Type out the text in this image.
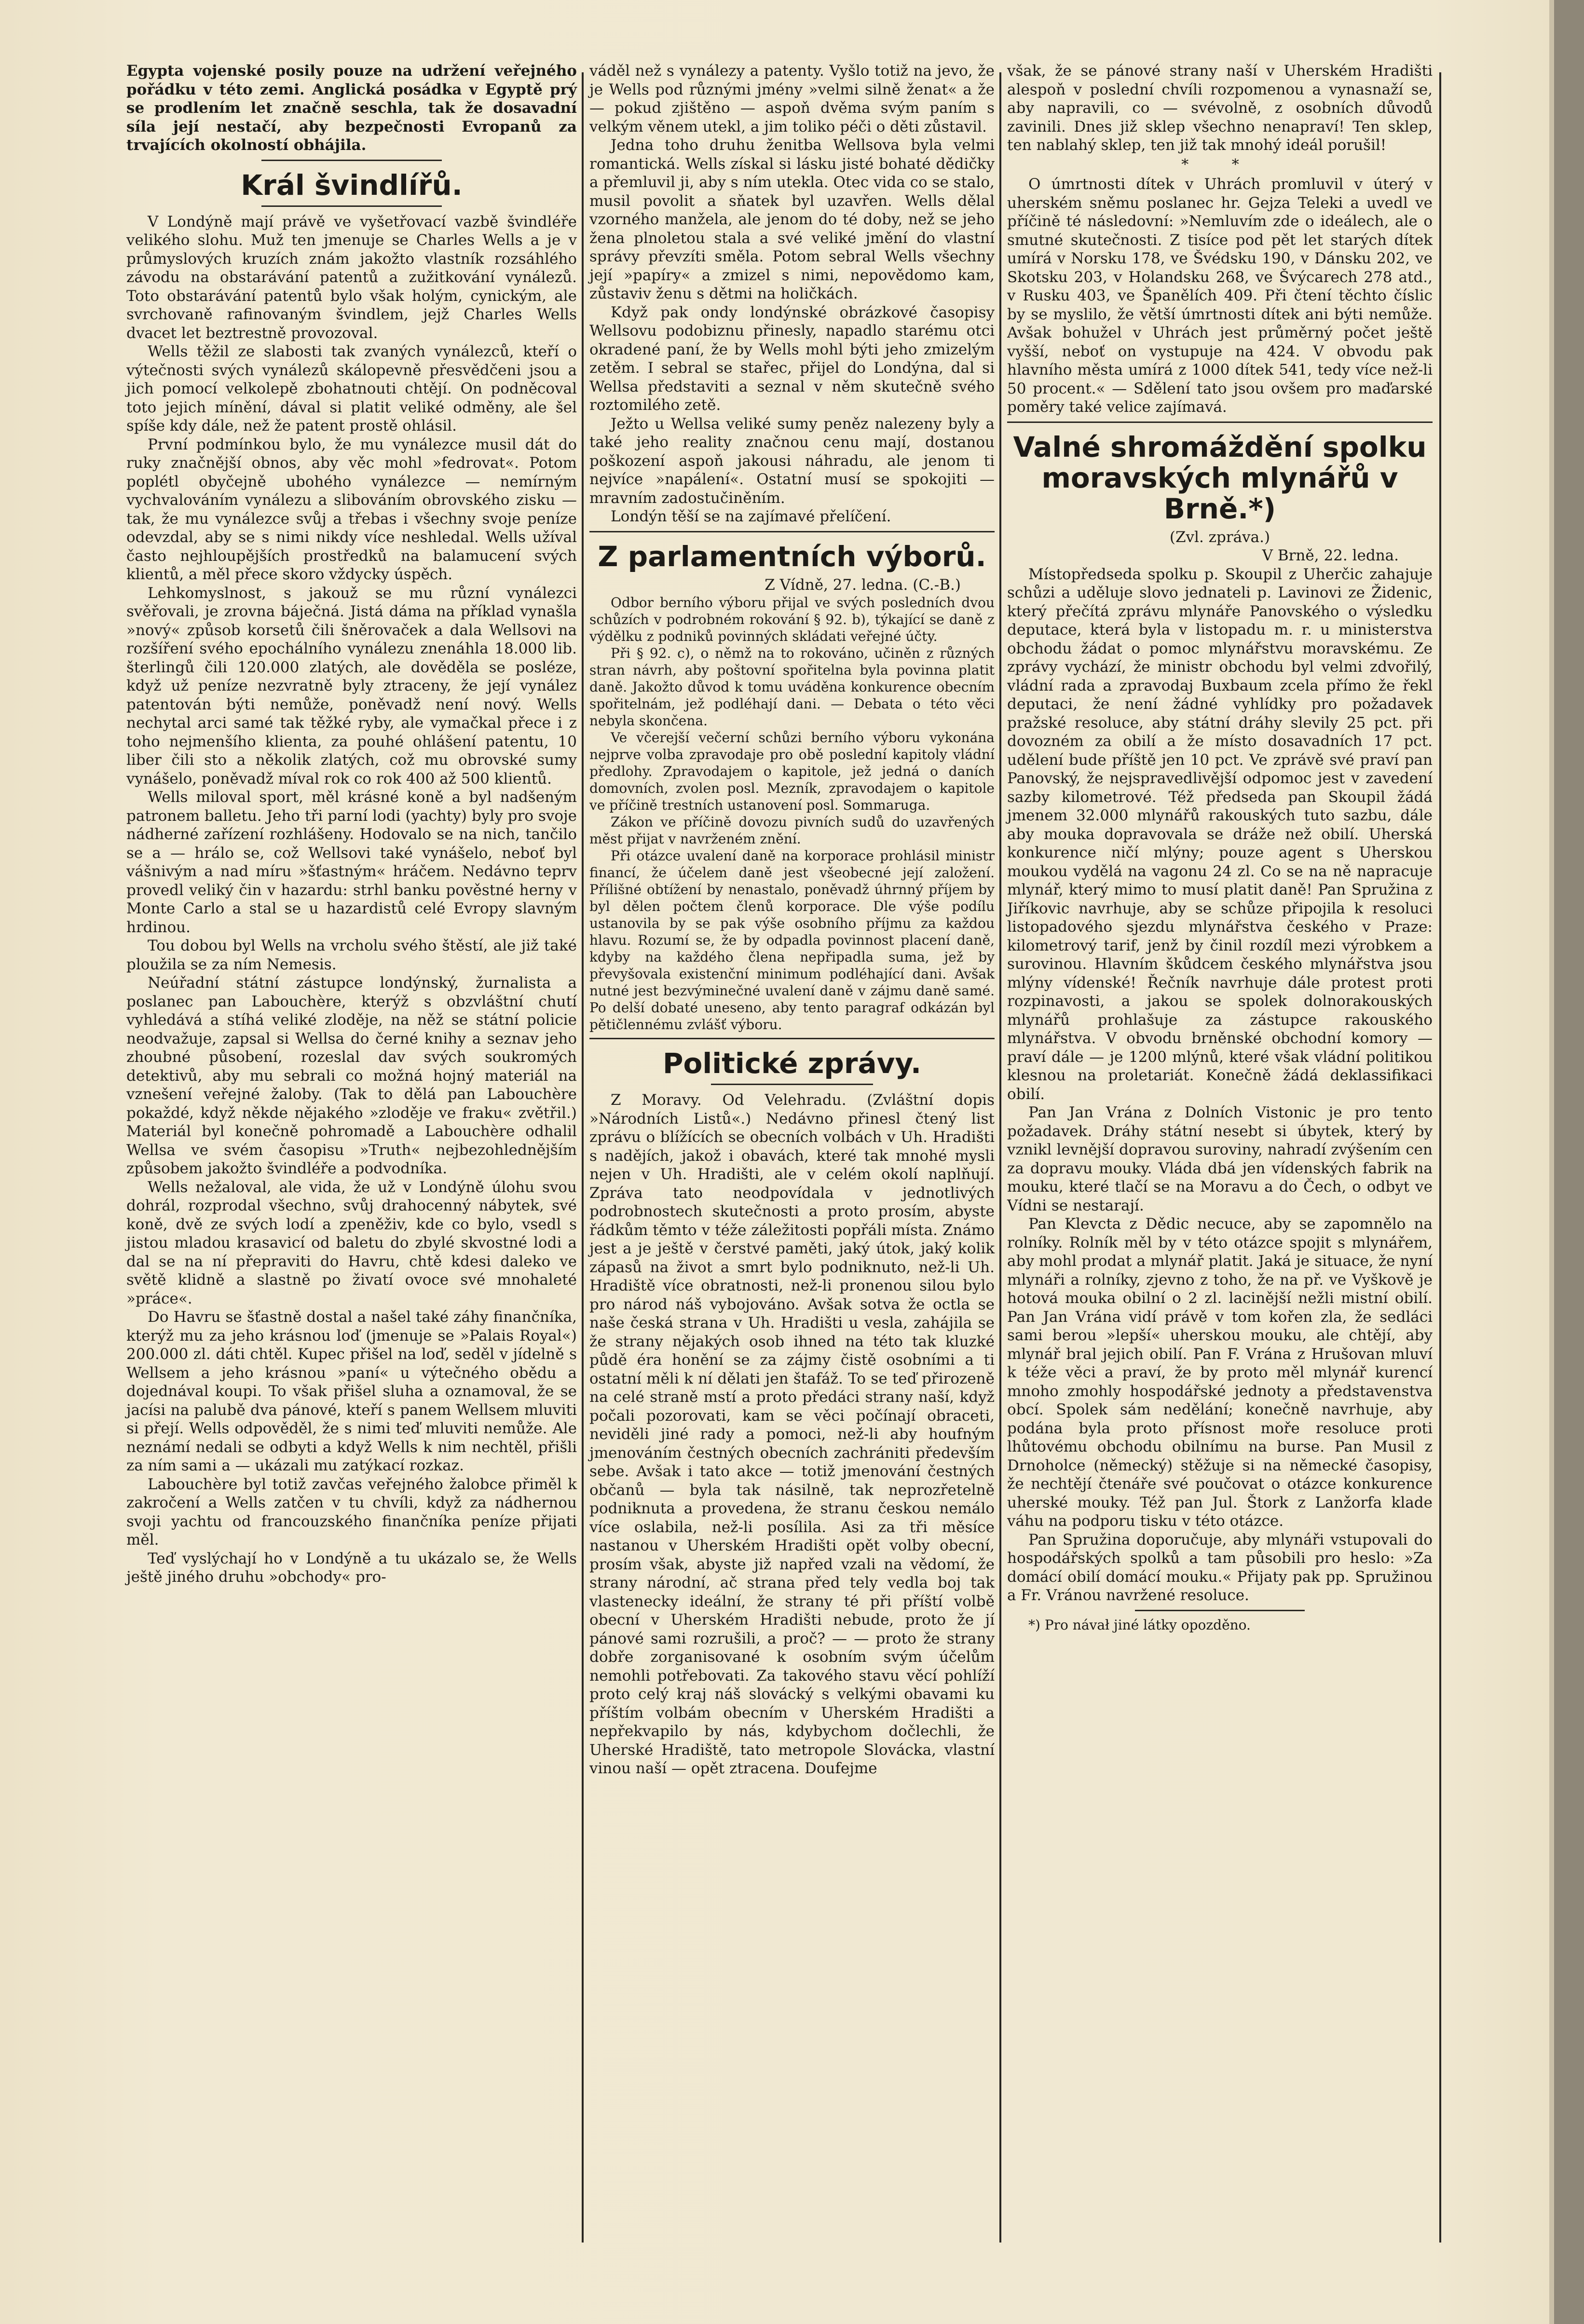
Egypta vojenské posily pouze na udržení veřejného pořádku v této zemi. Anglická posádka v Egyptě prý se prodlením let značně seschla, tak že dosavadní síla její nestačí, aby bezpečnosti Evropanů za trvajících okolností obhájila.

Král švindlířů.

V Londýně mají právě ve vyšetřovací vazbě švindléře velikého slohu. Muž ten jmenuje se Charles Wells a je v průmyslových kruzích znám jakožto vlastník rozsáhlého závodu na obstarávání patentů a zužitkování vynálezů. Toto obstarávání patentů bylo však holým, cynickým, ale svrchovaně rafinovaným švindlem, jejž Charles Wells dvacet let beztrestně provozoval.

Wells těžil ze slabosti tak zvaných vynálezců, kteří o výtečnosti svých vynálezů skálopevně přesvědčeni jsou a jich pomocí velkolepě zbohatnouti chtějí. On podněcoval toto jejich mínění, dával si platit veliké odměny, ale šel spíše kdy dále, než že patent prostě ohlásil.

První podmínkou bylo, že mu vynálezce musil dát do ruky značnější obnos, aby věc mohl »fedrovat«. Potom poplétl obyčejně ubohého vynálezce — nemírným vychvalováním vynálezu a slibováním obrovského zisku — tak, že mu vynálezce svůj a třebas i všechny svoje peníze odevzdal, aby se s nimi nikdy více neshledal. Wells užíval často nejhloupějších prostředků na balamucení svých klientů, a měl přece skoro vždycky úspěch.

Lehkomyslnost, s jakouž se mu různí vynálezci svěřovali, je zrovna báječná. Jistá dáma na příklad vynašla »nový« způsob korsetů čili šněrovaček a dala Wellsovi na rozšíření svého epochálního vynálezu znenáhla 18.000 lib. šterlingů čili 120.000 zlatých, ale dověděla se posléze, když už peníze nezvratně byly ztraceny, že její vynález patentován býti nemůže, poněvadž není nový. Wells nechytal arci samé tak těžké ryby, ale vymačkal přece i z toho nejmenšího klienta, za pouhé ohlášení patentu, 10 liber čili sto a několik zlatých, což mu obrovské sumy vynášelo, poněvadž míval rok co rok 400 až 500 klientů.

Wells miloval sport, měl krásné koně a byl nadšeným patronem balletu. Jeho tři parní lodi (yachty) byly pro svoje nádherné zařízení rozhlášeny. Hodovalo se na nich, tančilo se a — hrálo se, což Wellsovi také vynášelo, neboť byl vášnivým a nad míru »šťastným« hráčem. Nedávno teprv provedl veliký čin v hazardu: strhl banku pověstné herny v Monte Carlo a stal se u hazardistů celé Evropy slavným hrdinou.

Tou dobou byl Wells na vrcholu svého štěstí, ale již také ploužila se za ním Nemesis.

Neúřadní státní zástupce londýnský, žurnalista a poslanec pan Labouchère, kterýž s obzvláštní chutí vyhledává a stíhá veliké zloděje, na něž se státní policie neodvažuje, zapsal si Wellsa do černé knihy a seznav jeho zhoubné působení, rozeslal dav svých soukromých detektivů, aby mu sebrali co možná hojný materiál na vznešení veřejné žaloby. (Tak to dělá pan Labouchère pokaždé, když někde nějakého »zloděje ve fraku« zvětřil.) Materiál byl konečně pohromadě a Labouchère odhalil Wellsa ve svém časopisu »Truth« nejbezohlednějším způsobem jakožto švindléře a podvodníka.

Wells nežaloval, ale vida, že už v Londýně úlohu svou dohrál, rozprodal všechno, svůj drahocenný nábytek, své koně, dvě ze svých lodí a zpeněživ, kde co bylo, vsedl s jistou mladou krasavicí od baletu do zbylé skvostné lodi a dal se na ní přepraviti do Havru, chtě kdesi daleko ve světě klidně a slastně po živatí ovoce své mnohaleté »práce«.

Do Havru se šťastně dostal a našel také záhy finančníka, kterýž mu za jeho krásnou loď (jmenuje se »Palais Royal«) 200.000 zl. dáti chtěl. Kupec přišel na loď, seděl v jídelně s Wellsem a jeho krásnou »paní« u výtečného obědu a dojednával koupi. To však přišel sluha a oznamoval, že se jacísi na palubě dva pánové, kteří s panem Wellsem mluviti si přejí. Wells odpověděl, že s nimi teď mluviti nemůže. Ale neznámí nedali se odbyti a když Wells k nim nechtěl, přišli za ním sami a — ukázali mu zatýkací rozkaz.

Labouchère byl totiž zavčas veřejného žalobce přiměl k zakročení a Wells zatčen v tu chvíli, když za nádhernou svoji yachtu od francouzského finančníka peníze přijati měl.

Teď vyslýchají ho v Londýně a tu ukázalo se, že Wells ještě jiného druhu »obchody« pro-

váděl než s vynálezy a patenty. Vyšlo totiž na jevo, že je Wells pod různými jmény »velmi silně ženat« a že — pokud zjištěno — aspoň dvěma svým paním s velkým věnem utekl, a jim toliko péči o děti zůstavil.

Jedna toho druhu ženitba Wellsova byla velmi romantická. Wells získal si lásku jisté bohaté dědičky a přemluvil ji, aby s ním utekla. Otec vida co se stalo, musil povolit a sňatek byl uzavřen. Wells dělal vzorného manžela, ale jenom do té doby, než se jeho žena plnoletou stala a své veliké jmění do vlastní správy převzíti směla. Potom sebral Wells všechny její »papíry« a zmizel s nimi, nepovědomo kam, zůstaviv ženu s dětmi na holičkách.

Když pak ondy londýnské obrázkové časopisy Wellsovu podobiznu přinesly, napadlo starému otci okradené paní, že by Wells mohl býti jeho zmizelým zetěm. I sebral se stařec, přijel do Londýna, dal si Wellsa představiti a seznal v něm skutečně svého roztomilého zetě.

Ježto u Wellsa veliké sumy peněz nalezeny byly a také jeho reality značnou cenu mají, dostanou poškození aspoň jakousi náhradu, ale jenom ti nejvíce »napálení«. Ostatní musí se spokojiti — mravním zadostučiněním.

Londýn těší se na zajímavé přelíčení.

Z parlamentních výborů.

Z Vídně, 27. ledna. (C.-B.)

Odbor berního výboru přijal ve svých posledních dvou schůzích v podrobném rokování § 92. b), týkající se daně z výdělku z podniků povinných skládati veřejné účty.

Při § 92. c), o němž na to rokováno, učiněn z různých stran návrh, aby poštovní spořitelna byla povinna platit daně. Jakožto důvod k tomu uváděna konkurence obecním spořitelnám, jež podléhají dani. — Debata o této věci nebyla skončena.

Ve včerejší večerní schůzi berního výboru vykonána nejprve volba zpravodaje pro obě poslední kapitoly vládní předlohy. Zpravodajem o kapitole, jež jedná o daních domovních, zvolen posl. Mezník, zpravodajem o kapitole ve příčině trestních ustanovení posl. Sommaruga.

Zákon ve příčině dovozu pivních sudů do uzavřených měst přijat v navrženém znění.

Při otázce uvalení daně na korporace prohlásil ministr financí, že účelem daně jest všeobecné její založení. Přílišné obtížení by nenastalo, poněvadž úhrnný příjem by byl dělen počtem členů korporace. Dle výše podílu ustanovila by se pak výše osobního příjmu za každou hlavu. Rozumí se, že by odpadla povinnost placení daně, kdyby na každého člena nepřipadla suma, jež by převyšovala existenční minimum podléhající dani. Avšak nutné jest bezvýminečné uvalení daně v zájmu daně samé. Po delší dobaté uneseno, aby tento paragraf odkázán byl pětičlennému zvlášť výboru.

Politické zprávy.

Z Moravy. Od Velehradu. (Zvláštní dopis »Národních Listů«.) Nedávno přinesl čtený list zprávu o blížících se obecních volbách v Uh. Hradišti s nadějích, jakož i obavách, které tak mnohé mysli nejen v Uh. Hradišti, ale v celém okolí naplňují. Zpráva tato neodpovídala v jednotlivých podrobnostech skutečnosti a proto prosím, abyste řádkům těmto v téže záležitosti popřáli místa. Známo jest a je ještě v čerstvé paměti, jaký útok, jaký kolik zápasů na život a smrt bylo podniknuto, než-li Uh. Hradiště více obratnosti, než-li pronenou silou bylo pro národ náš vybojováno. Avšak sotva že octla se naše česká strana v Uh. Hradišti u vesla, zahájila se že strany nějakých osob ihned na této tak kluzké půdě éra honění se za zájmy čistě osobními a ti ostatní měli k ní dělati jen štafáž. To se teď přirozeně na celé straně mstí a proto předáci strany naší, když počali pozorovati, kam se věci počínají obraceti, neviděli jiné rady a pomoci, než-li aby houfným jmenováním čestných obecních zachrániti především sebe. Avšak i tato akce — totiž jmenování čestných občanů — byla tak násilně, tak neprozřetelně podniknuta a provedena, že stranu českou nemálo více oslabila, než-li posílila. Asi za tři měsíce nastanou v Uherském Hradišti opět volby obecní, prosím však, abyste již napřed vzali na vědomí, že strany národní, ač strana před tely vedla boj tak vlastenecky ideální, že strany té při příští volbě obecní v Uherském Hradišti nebude, proto že jí pánové sami rozrušili, a proč? — — proto že strany dobře zorganisované k osobním svým účelům nemohli potřebovati. Za takového stavu věcí pohlíží proto celý kraj náš slovácký s velkými obavami ku příštím volbám obecním v Uherském Hradišti a nepřekvapilo by nás, kdybychom dočlechli, že Uherské Hradiště, tato metropole Slovácka, vlastní vinou naší — opět ztracena. Doufejme

však, že se pánové strany naší v Uherském Hradišti alespoň v poslední chvíli rozpomenou a vynasnaží se, aby napravili, co — svévolně, z osobních důvodů zavinili. Dnes již sklep všechno nenapraví! Ten sklep, ten nablahý sklep, ten již tak mnohý ideál porušil!

* *

O úmrtnosti dítek v Uhrách promluvil v úterý v uherském sněmu poslanec hr. Gejza Teleki a uvedl ve příčině té následovní: »Nemluvím zde o ideálech, ale o smutné skutečnosti. Z tisíce pod pět let starých dítek umírá v Norsku 178, ve Švédsku 190, v Dánsku 202, ve Skotsku 203, v Holandsku 268, ve Švýcarech 278 atd., v Rusku 403, ve Španělích 409. Při čtení těchto číslic by se myslilo, že větší úmrtnosti dítek ani býti nemůže. Avšak bohužel v Uhrách jest průměrný počet ještě vyšší, neboť on vystupuje na 424. V obvodu pak hlavního města umírá z 1000 dítek 541, tedy více než-li 50 procent.« — Sdělení tato jsou ovšem pro maďarské poměry také velice zajímavá.

Valné shromáždění spolku moravských mlynářů v Brně.*)

(Zvl. zpráva.)

V Brně, 22. ledna.

Místopředseda spolku p. Skoupil z Uherčic zahajuje schůzi a uděluje slovo jednateli p. Lavinovi ze Židenic, který přečítá zprávu mlynáře Panovského o výsledku deputace, která byla v listopadu m. r. u ministerstva obchodu žádat o pomoc mlynářstvu moravskému. Ze zprávy vychází, že ministr obchodu byl velmi zdvořilý, vládní rada a zpravodaj Buxbaum zcela přímo že řekl deputaci, že není žádné vyhlídky pro požadavek pražské resoluce, aby státní dráhy slevily 25 pct. při dovozném za obilí a že místo dosavadních 17 pct. udělení bude příště jen 10 pct. Ve zprávě své praví pan Panovský, že nejspravedlivější odpomoc jest v zavedení sazby kilometrové. Též předseda pan Skoupil žádá jmenem 32.000 mlynářů rakouských tuto sazbu, dále aby mouka dopravovala se dráže než obilí. Uherská konkurence ničí mlýny; pouze agent s Uherskou moukou vydělá na vagonu 24 zl. Co se na ně napracuje mlynář, který mimo to musí platit daně! Pan Spružina z Jiříkovic navrhuje, aby se schůze připojila k resoluci listopadového sjezdu mlynářstva českého v Praze: kilometrový tarif, jenž by činil rozdíl mezi výrobkem a surovinou. Hlavním škůdcem českého mlynářstva jsou mlýny vídenské! Řečník navrhuje dále protest proti rozpinavosti, a jakou se spolek dolnorakouských mlynářů prohlašuje za zástupce rakouského mlynářstva. V obvodu brněnské obchodní komory — praví dále — je 1200 mlýnů, které však vládní politikou klesnou na proletariát. Konečně žádá deklassifikaci obilí.

Pan Jan Vrána z Dolních Vistonic je pro tento požadavek. Dráhy státní nesebt si úbytek, který by vznikl levnější dopravou suroviny, nahradí zvýšením cen za dopravu mouky. Vláda dbá jen vídenských fabrik na mouku, které tlačí se na Moravu a do Čech, o odbyt ve Vídni se nestarají.

Pan Klevcta z Dědic necuce, aby se zapomnělo na rolníky. Rolník měl by v této otázce spojit s mlynářem, aby mohl prodat a mlynář platit. Jaká je situace, že nyní mlynáři a rolníky, zjevno z toho, že na př. ve Vyškově je hotová mouka obilní o 2 zl. lacinější nežli mistní obilí. Pan Jan Vrána vidí právě v tom kořen zla, že sedláci sami berou »lepší« uherskou mouku, ale chtějí, aby mlynář bral jejich obilí. Pan F. Vrána z Hrušovan mluví k téže věci a praví, že by proto měl mlynář kurencí mnoho zmohly hospodářské jednoty a představenstva obcí. Spolek sám nedělání; konečně navrhuje, aby podána byla proto přísnost moře resoluce proti lhůtovému obchodu obilnímu na burse. Pan Musil z Drnoholce (německý) stěžuje si na německé časopisy, že nechtějí čtenáře své poučovat o otázce konkurence uherské mouky. Též pan Jul. Štork z Lanžorfa klade váhu na podporu tisku v této otázce.

Pan Spružina doporučuje, aby mlynáři vstupovali do hospodářských spolků a tam působili pro heslo: »Za domácí obilí domácí mouku.« Přijaty pak pp. Spružinou a Fr. Vránou navržené resoluce.

*) Pro návał jiné látky opozděno.
